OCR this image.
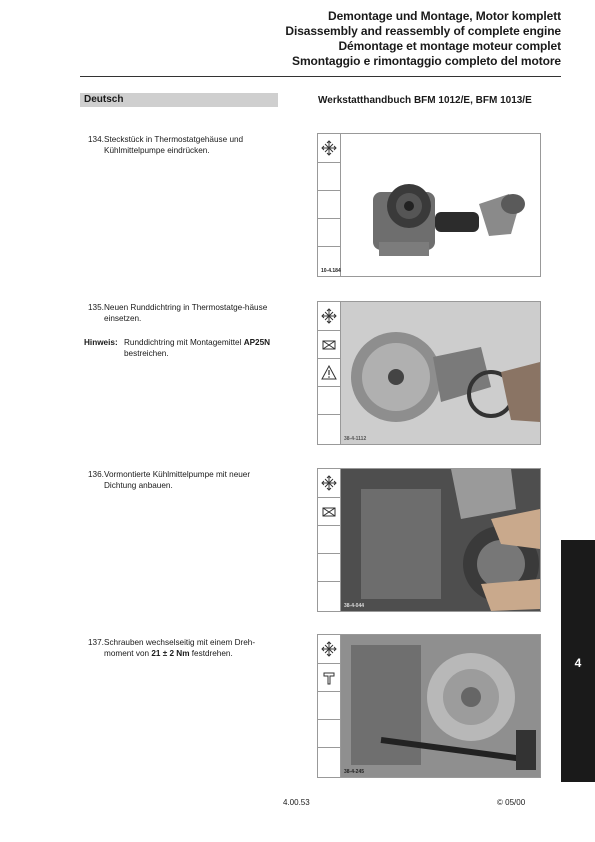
Demontage und Montage, Motor komplett
Disassembly and reassembly of complete engine
Démontage et montage moteur complet
Smontaggio e rimontaggio completo del motore
Deutsch	Werkstatthandbuch BFM 1012/E, BFM 1013/E
134. Steckstück in Thermostatgehäuse und Kühlmittelpumpe eindrücken.
135. Neuen Runddichtring in Thermostatge-häuse einsetzen.
Hinweis: Runddichtring mit Montagemittel AP25N bestreichen.
136. Vormontierte Kühlmittelpumpe mit neuer Dichtung anbauen.
137. Schrauben wechselseitig mit einem Dreh-moment von 21 ± 2 Nm festdrehen.
10-4.184
38-4-1112
38-4-044
38-4-245
4
4.00.53	© 05/00
